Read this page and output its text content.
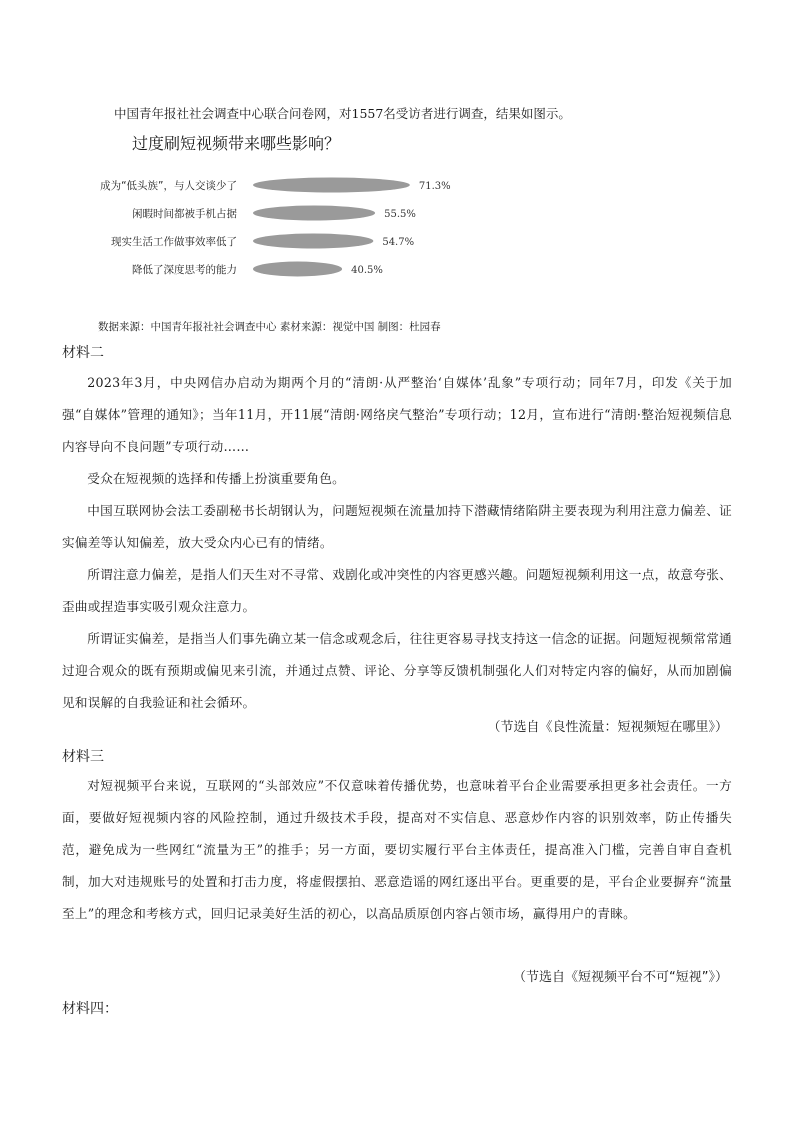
中国青年报社社会调查中心联合问卷网，对1557名受访者进行调查，结果如图示。
过度刷短视频带来哪些影响？
成为“低头族”，与人交谈少了	71.3%
闲暇时间都被手机占据	55.5%
现实生活工作做事效率低了	54.7%
降低了深度思考的能力	40.5%
数据来源：中国青年报社社会调查中心 素材来源：视觉中国 制图：杜园春
材料二
2023年3月，中央网信办启动为期两个月的“清朗·从严整治‘自媒体’乱象”专项行动；同年7月，印发《关于加强“自媒体”管理的通知》；当年11月，开11展“清朗·网络戾气整治”专项行动；12月，宣布进行“清朗·整治短视频信息内容导向不良问题”专项行动……
受众在短视频的选择和传播上扮演重要角色。
中国互联网协会法工委副秘书长胡钢认为，问题短视频在流量加持下潜藏情绪陷阱主要表现为利用注意力偏差、证实偏差等认知偏差，放大受众内心已有的情绪。
所谓注意力偏差，是指人们天生对不寻常、戏剧化或冲突性的内容更感兴趣。问题短视频利用这一点，故意夸张、歪曲或捏造事实吸引观众注意力。
所谓证实偏差，是指当人们事先确立某一信念或观念后，往往更容易寻找支持这一信念的证据。问题短视频常常通过迎合观众的既有预期或偏见来引流，并通过点赞、评论、分享等反馈机制强化人们对特定内容的偏好，从而加剧偏见和误解的自我验证和社会循环。
（节选自《良性流量：短视频短在哪里》）
材料三
对短视频平台来说，互联网的“头部效应”不仅意味着传播优势，也意味着平台企业需要承担更多社会责任。一方面，要做好短视频内容的风险控制，通过升级技术手段，提高对不实信息、恶意炒作内容的识别效率，防止传播失范，避免成为一些网红“流量为王”的推手；另一方面，要切实履行平台主体责任，提高准入门槛，完善自审自查机制，加大对违规账号的处置和打击力度，将虚假摆拍、恶意造谣的网红逐出平台。更重要的是，平台企业要摒弃“流量至上”的理念和考核方式，回归记录美好生活的初心，以高品质原创内容占领市场，赢得用户的青睐。
（节选自《短视频平台不可“短视”》）
材料四：
